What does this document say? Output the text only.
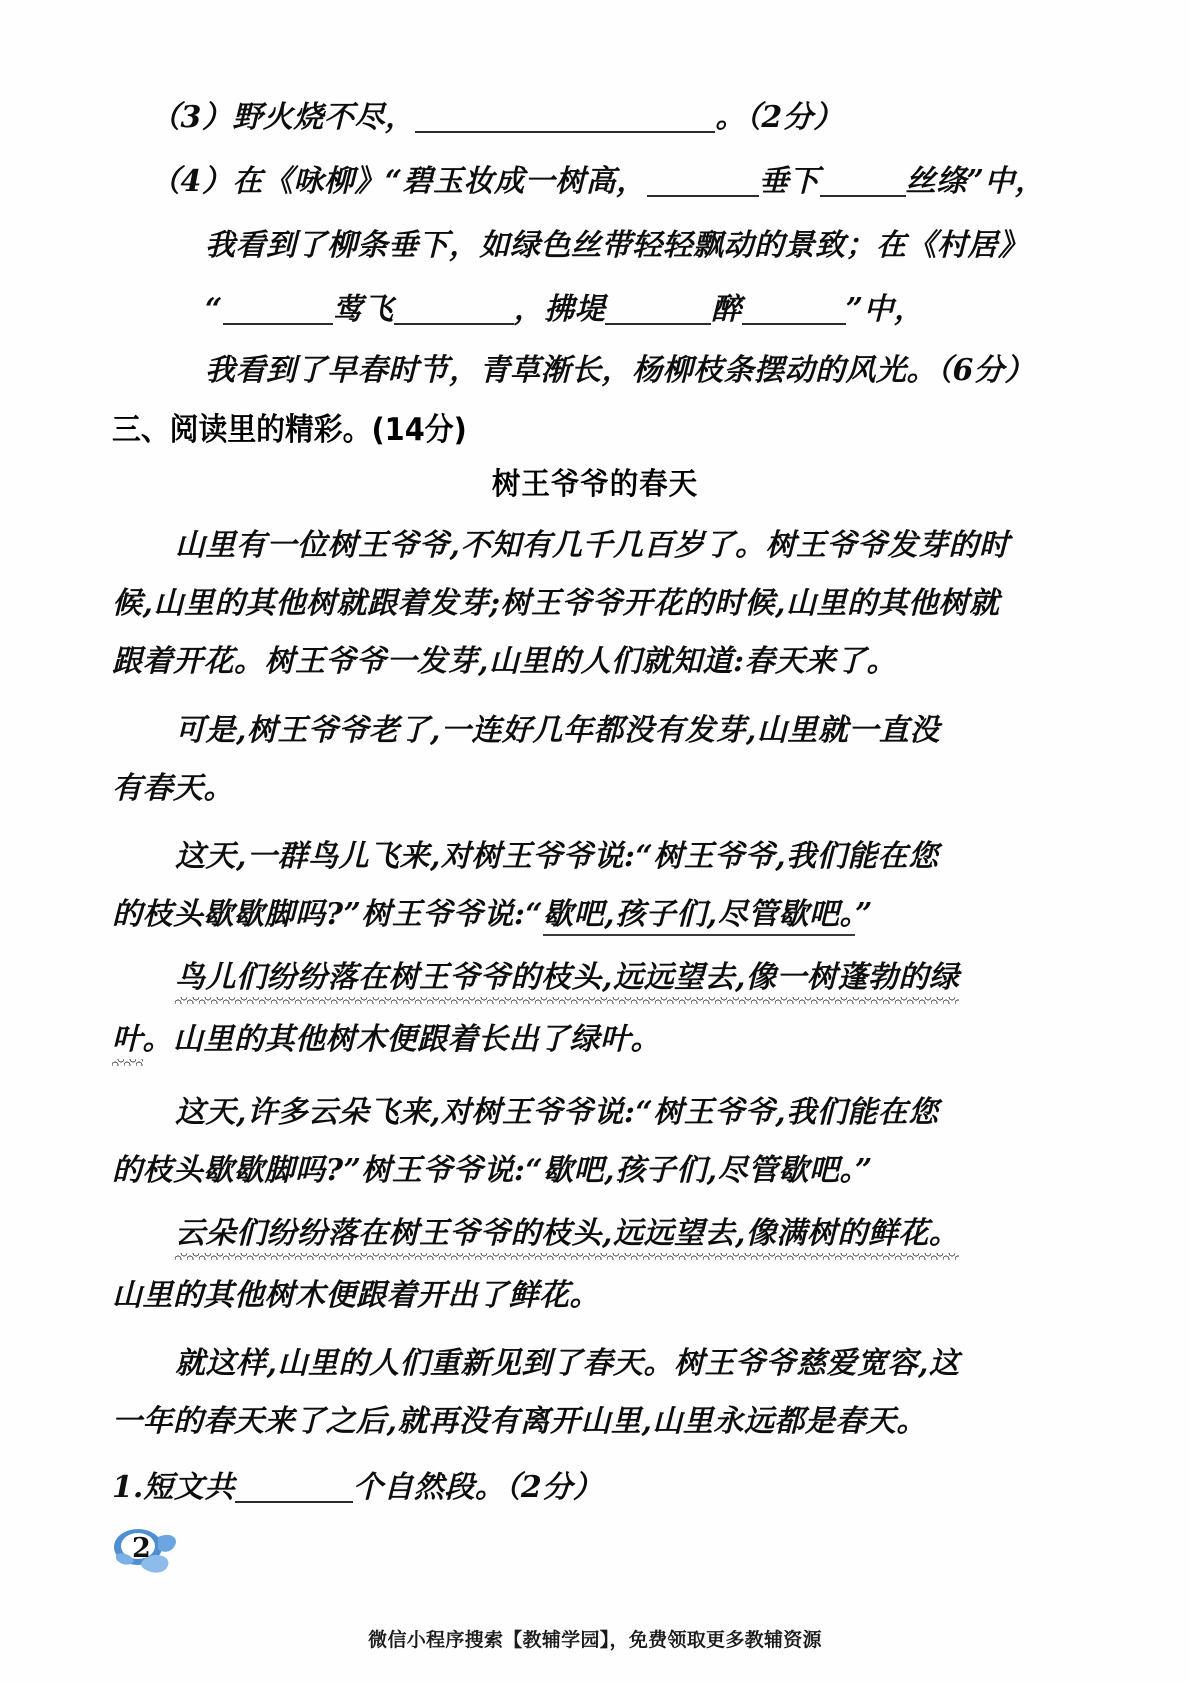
（3）野火烧不尽，	。（2分）
（4）在《咏柳》“碧玉妆成一树高，	垂下	丝绦”中，
我看到了柳条垂下，如绿色丝带轻轻飘动的景致；在《村居》
“	莺飞	，拂堤	醉	”中，
我看到了早春时节，青草渐长，杨柳枝条摆动的风光。（6分）
三、阅读里的精彩。(14分)
树王爷爷的春天
山里有一位树王爷爷,不知有几千几百岁了。树王爷爷发芽的时
候,山里的其他树就跟着发芽;树王爷爷开花的时候,山里的其他树就
跟着开花。树王爷爷一发芽,山里的人们就知道:春天来了。
可是,树王爷爷老了,一连好几年都没有发芽,山里就一直没
有春天。
这天,一群鸟儿飞来,对树王爷爷说:“树王爷爷,我们能在您
的枝头歇歇脚吗?”树王爷爷说:“歇吧,孩子们,尽管歇吧。”
鸟儿们纷纷落在树王爷爷的枝头,远远望去,像一树蓬勃的绿
叶。山里的其他树木便跟着长出了绿叶。
这天,许多云朵飞来,对树王爷爷说:“树王爷爷,我们能在您
的枝头歇歇脚吗?”树王爷爷说:“歇吧,孩子们,尽管歇吧。”
云朵们纷纷落在树王爷爷的枝头,远远望去,像满树的鲜花。
山里的其他树木便跟着开出了鲜花。
就这样,山里的人们重新见到了春天。树王爷爷慈爱宽容,这
一年的春天来了之后,就再没有离开山里,山里永远都是春天。
1.短文共	个自然段。（2分）
2
微信小程序搜索【教辅学园】，免费领取更多教辅资源
